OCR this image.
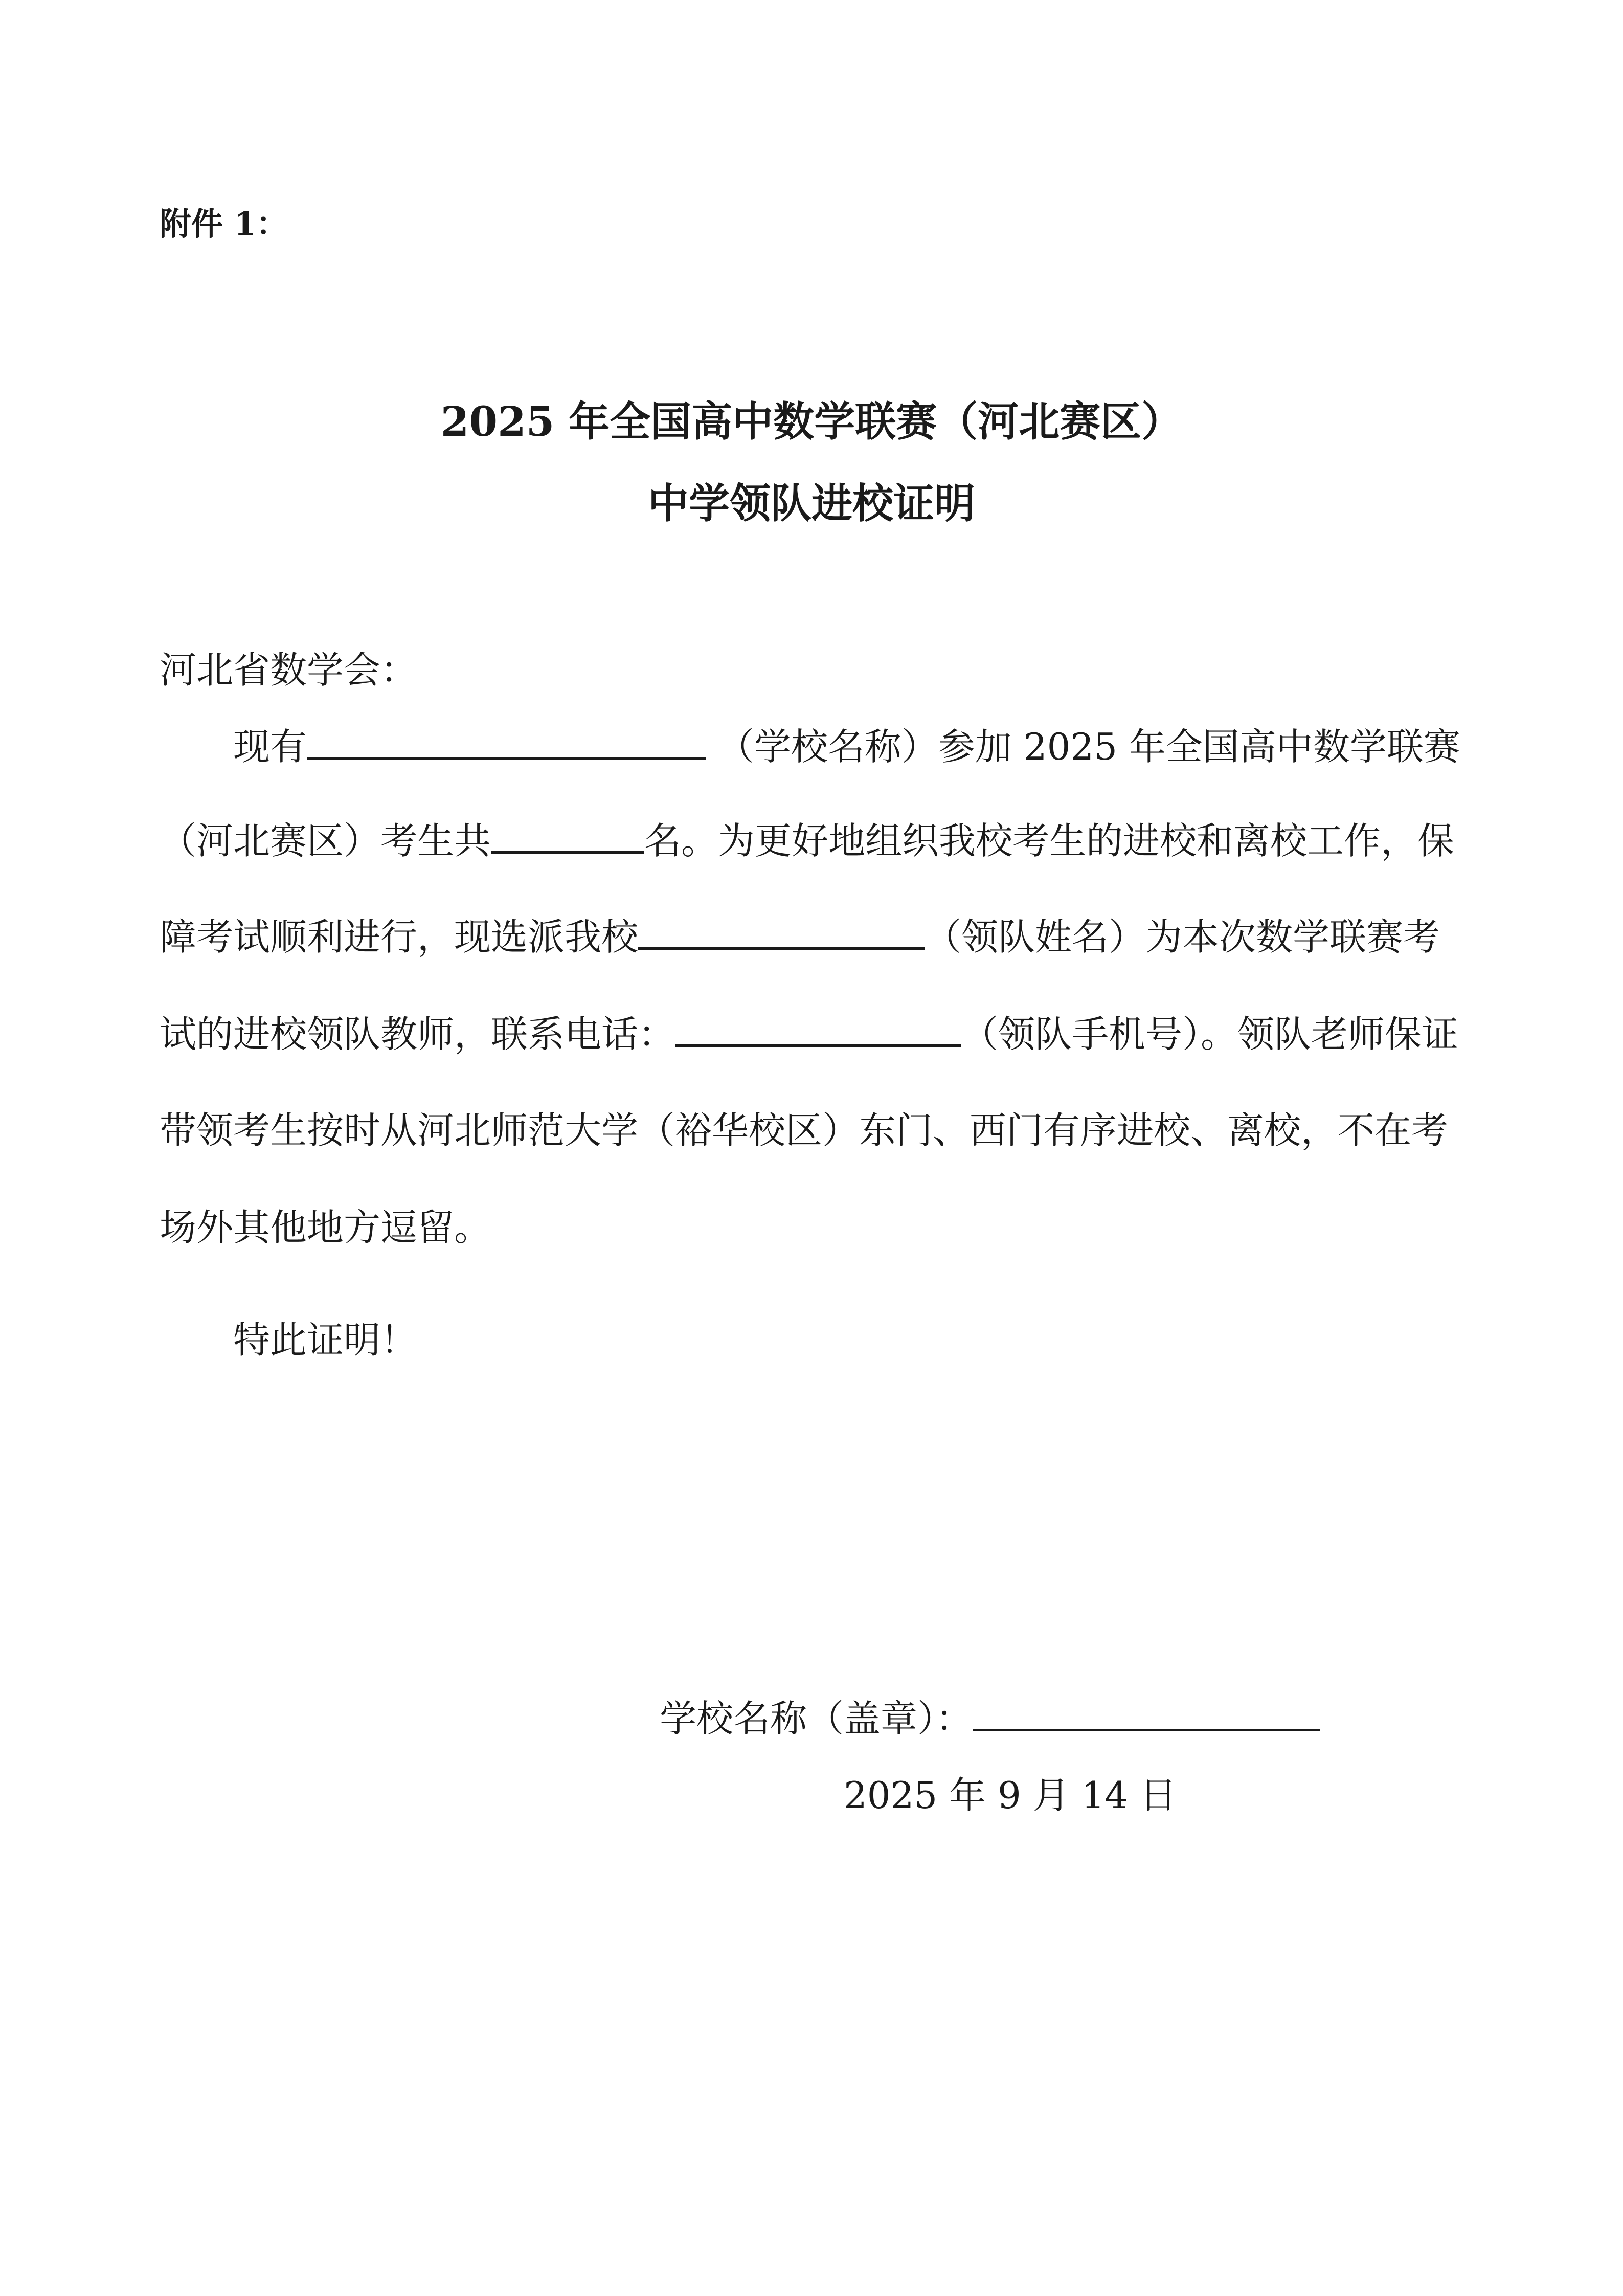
附件 1：
2025 年全国高中数学联赛（河北赛区）
中学领队进校证明
河北省数学会：
现有	（学校名称）参加 2025 年全国高中数学联赛
（河北赛区）考生共	名。为更好地组织我校考生的进校和离校工作，保
障考试顺利进行，现选派我校	（领队姓名）为本次数学联赛考
试的进校领队教师，联系电话：	（领队手机号）。领队老师保证
带领考生按时从河北师范大学（裕华校区）东门、西门有序进校、离校，不在考
场外其他地方逗留。
特此证明！
学校名称（盖章）：
2025 年 9 月 14 日
